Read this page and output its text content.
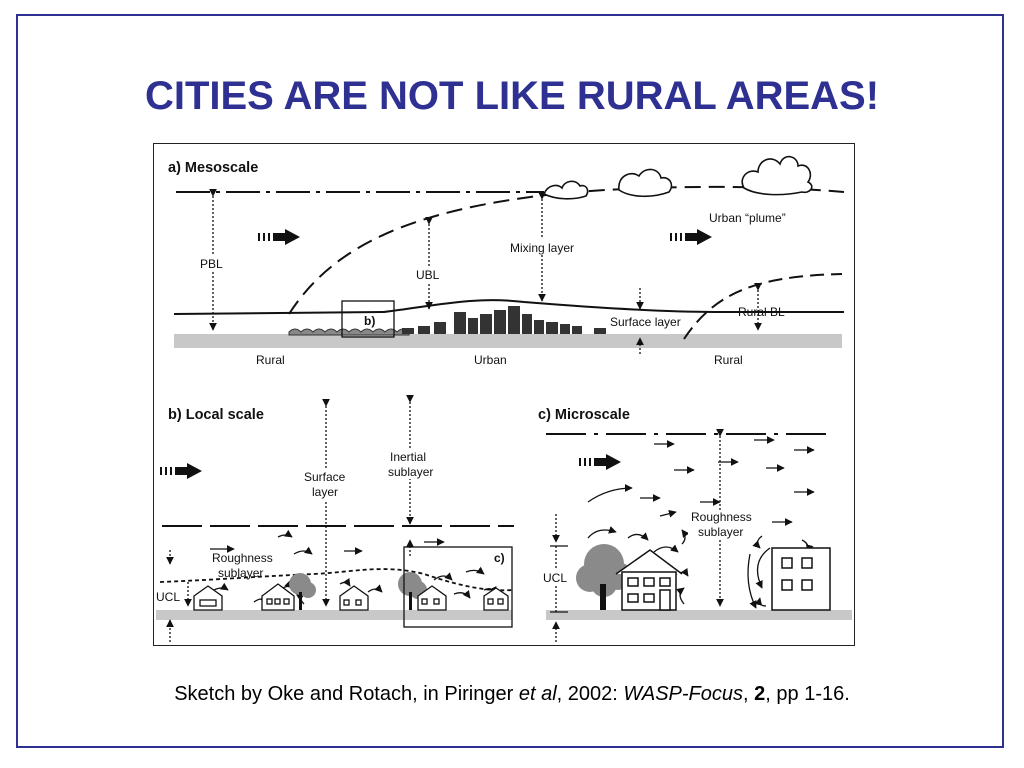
CITIES ARE NOT LIKE RURAL AREAS!
a) Mesoscale
PBL
UBL
Mixing layer
Urban “plume”
Surface layer
Rural BL
b)
Rural	Urban	Rural
b) Local scale
Surface
layer
Inertial
sublayer
Roughness
sublayer
UCL
c)
c) Microscale
Roughness
sublayer
UCL
Sketch by Oke and Rotach, in Piringer et al, 2002: WASP-Focus, 2, pp 1-16.
